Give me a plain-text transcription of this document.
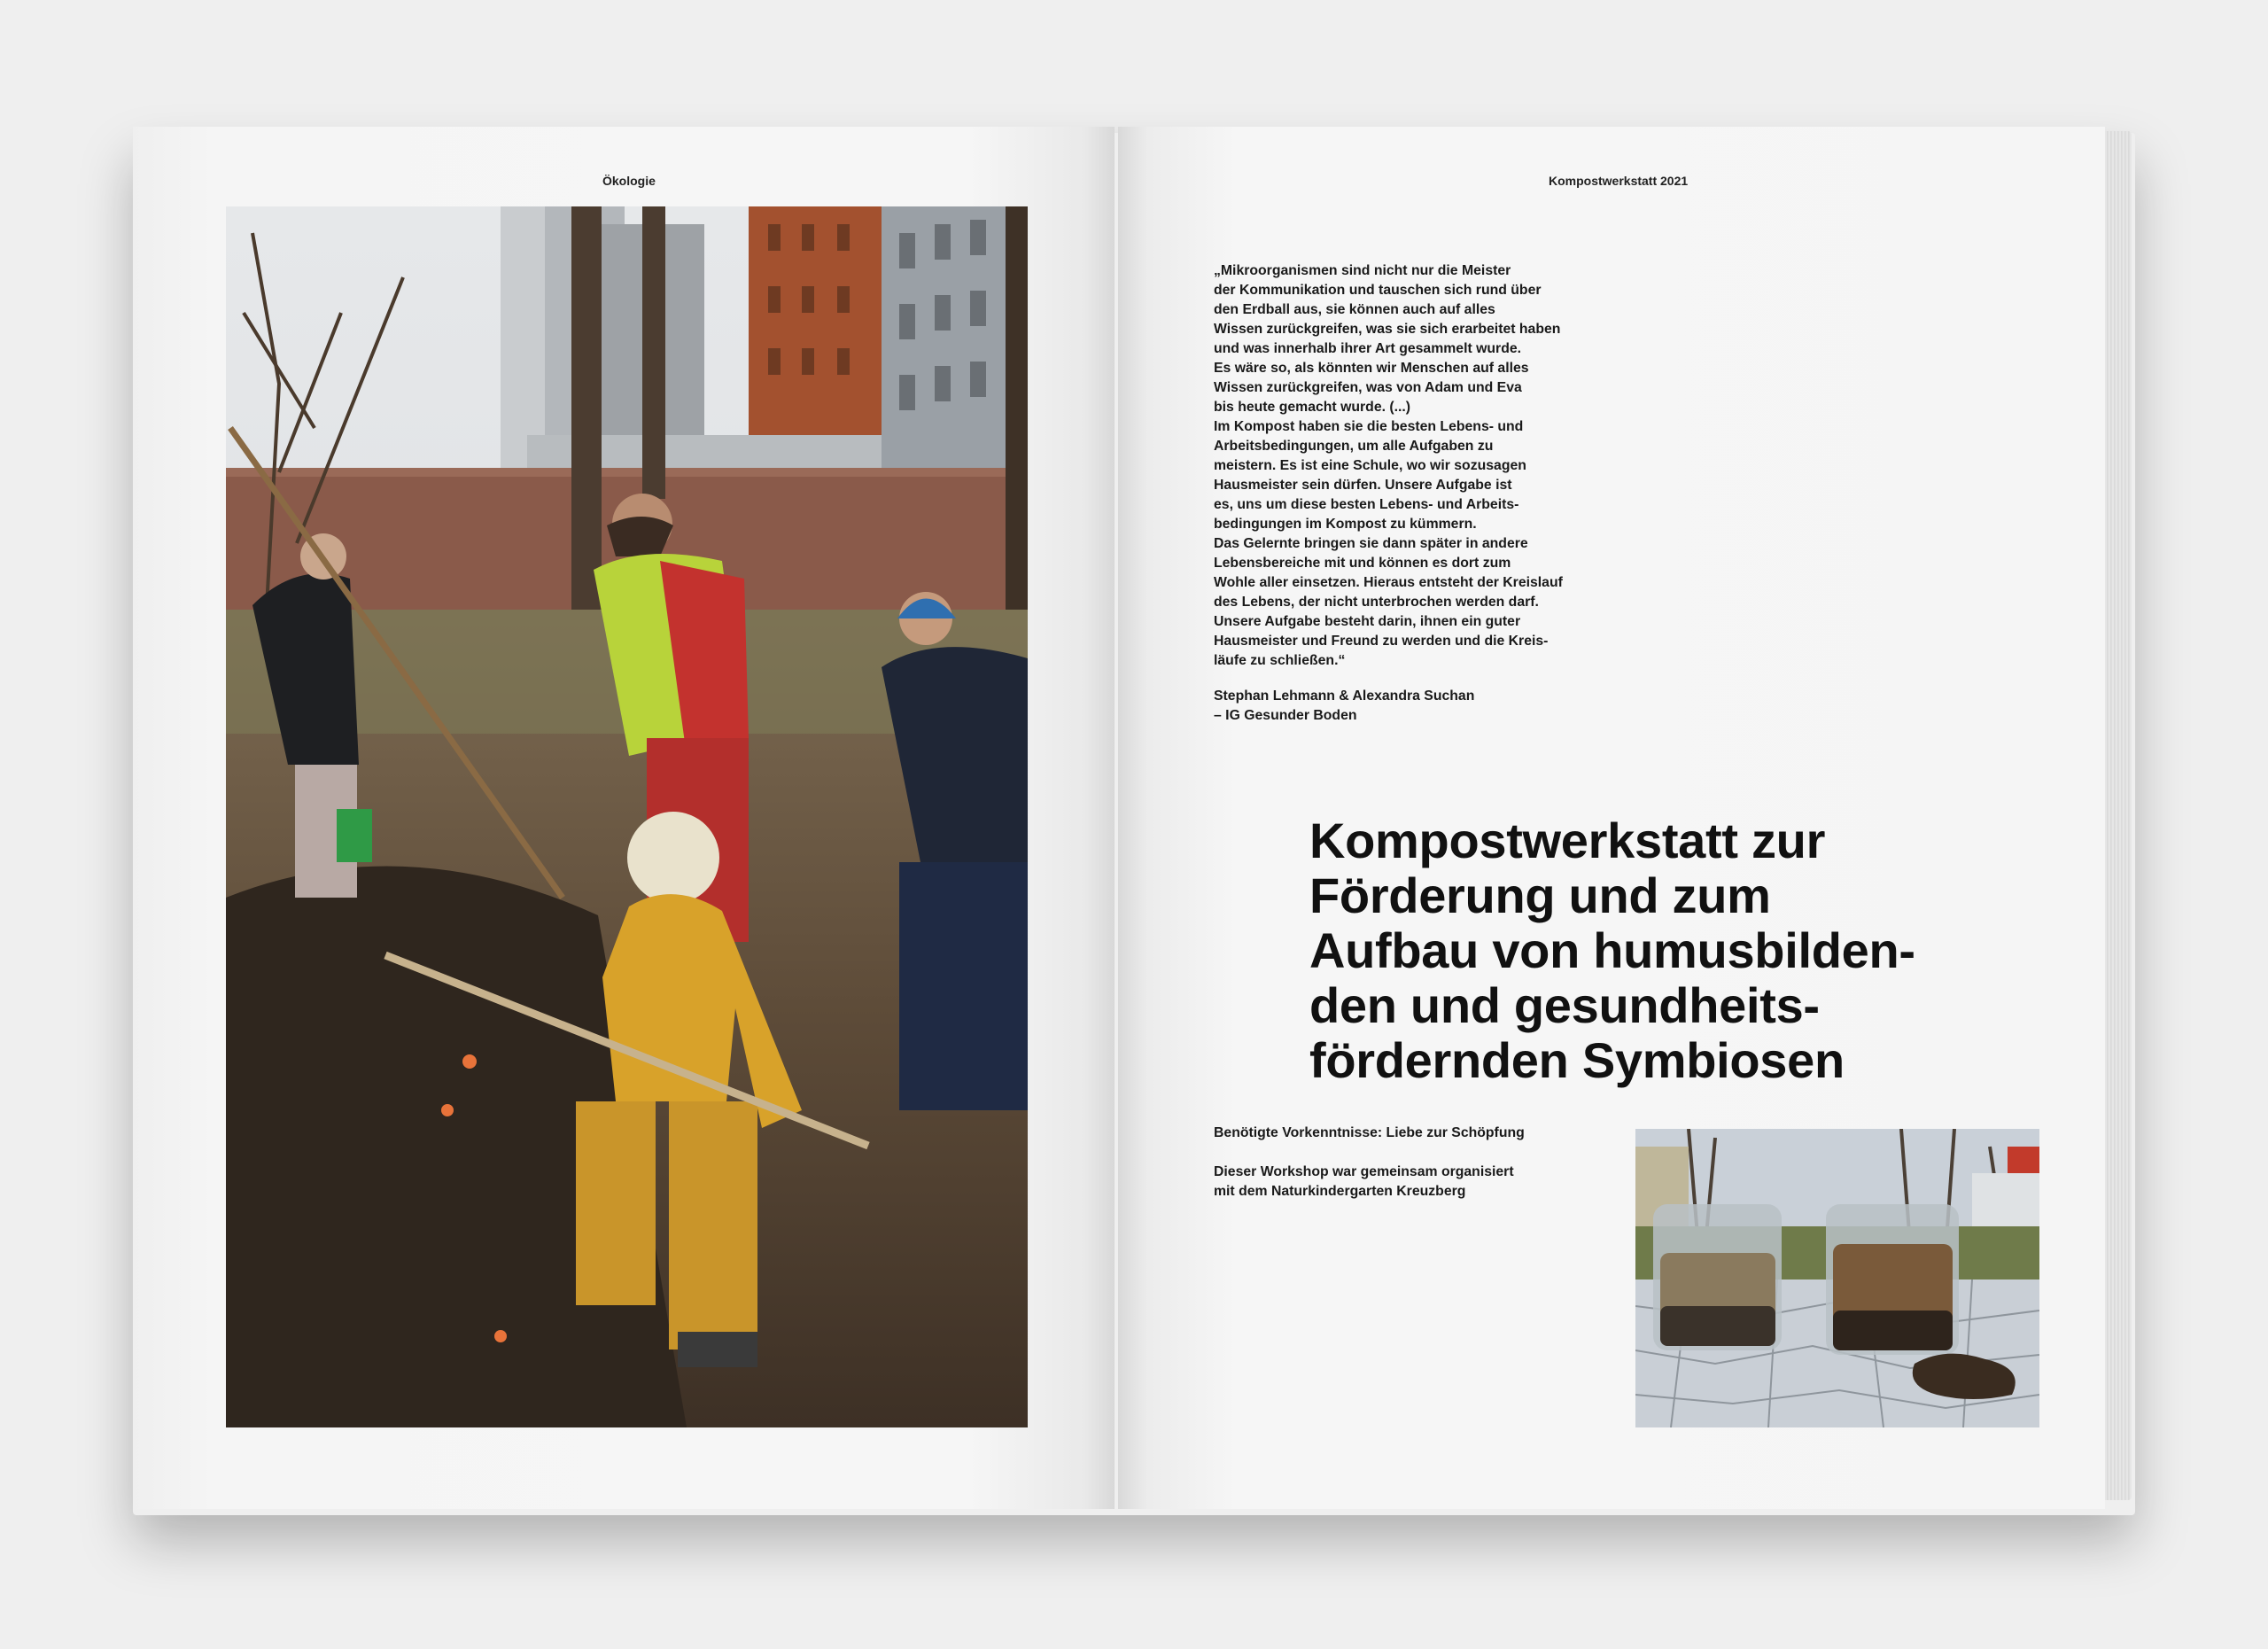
Ökologie	Kompostwerkstatt 2021
„Mikroorganismen sind nicht nur die Meister
der Kommunikation und tauschen sich rund über
den Erdball aus, sie können auch auf alles
Wissen zurückgreifen, was sie sich erarbeitet haben
und was innerhalb ihrer Art gesammelt wurde.
Es wäre so, als könnten wir Menschen auf alles
Wissen zurückgreifen, was von Adam und Eva
bis heute gemacht wurde. (...)
Im Kompost haben sie die besten Lebens- und
Arbeitsbedingungen, um alle Aufgaben zu
meistern. Es ist eine Schule, wo wir sozusagen
Hausmeister sein dürfen. Unsere Aufgabe ist
es, uns um diese besten Lebens- und Arbeits-
bedingungen im Kompost zu kümmern.
Das Gelernte bringen sie dann später in andere
Lebensbereiche mit und können es dort zum
Wohle aller einsetzen. Hieraus entsteht der Kreislauf
des Lebens, der nicht unterbrochen werden darf.
Unsere Aufgabe besteht darin, ihnen ein guter
Hausmeister und Freund zu werden und die Kreis-
läufe zu schließen.“
Stephan Lehmann & Alexandra Suchan
– IG Gesunder Boden
Kompostwerkstatt zur
Förderung und zum
Aufbau von humusbilden-
den und gesundheits-
fördernden Symbiosen
Benötigte Vorkenntnisse: Liebe zur Schöpfung
Dieser Workshop war gemeinsam organisiert
mit dem Naturkindergarten Kreuzberg
